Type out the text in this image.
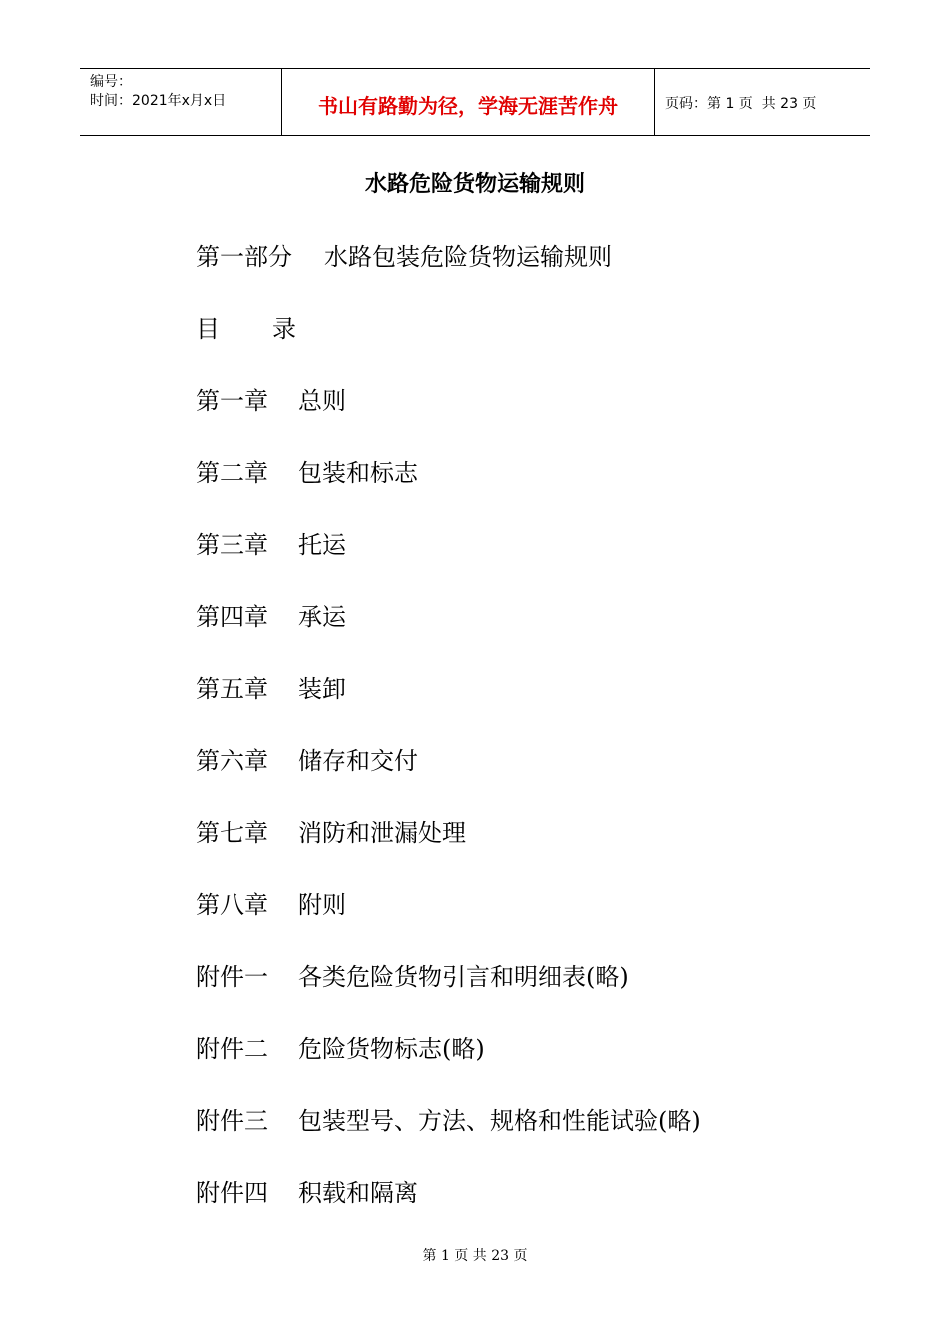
编号：
时间：2021年x月x日	书山有路勤为径，学海无涯苦作舟	页码：第 1 页  共 23 页
水路危险货物运输规则
第一部分 水路包装危险货物运输规则
目 录
第一章 总则
第二章 包装和标志
第三章 托运
第四章 承运
第五章 装卸
第六章 储存和交付
第七章 消防和泄漏处理
第八章 附则
附件一 各类危险货物引言和明细表(略)
附件二 危险货物标志(略)
附件三 包装型号、方法、规格和性能试验(略)
附件四 积载和隔离
第 1 页 共 23 页
